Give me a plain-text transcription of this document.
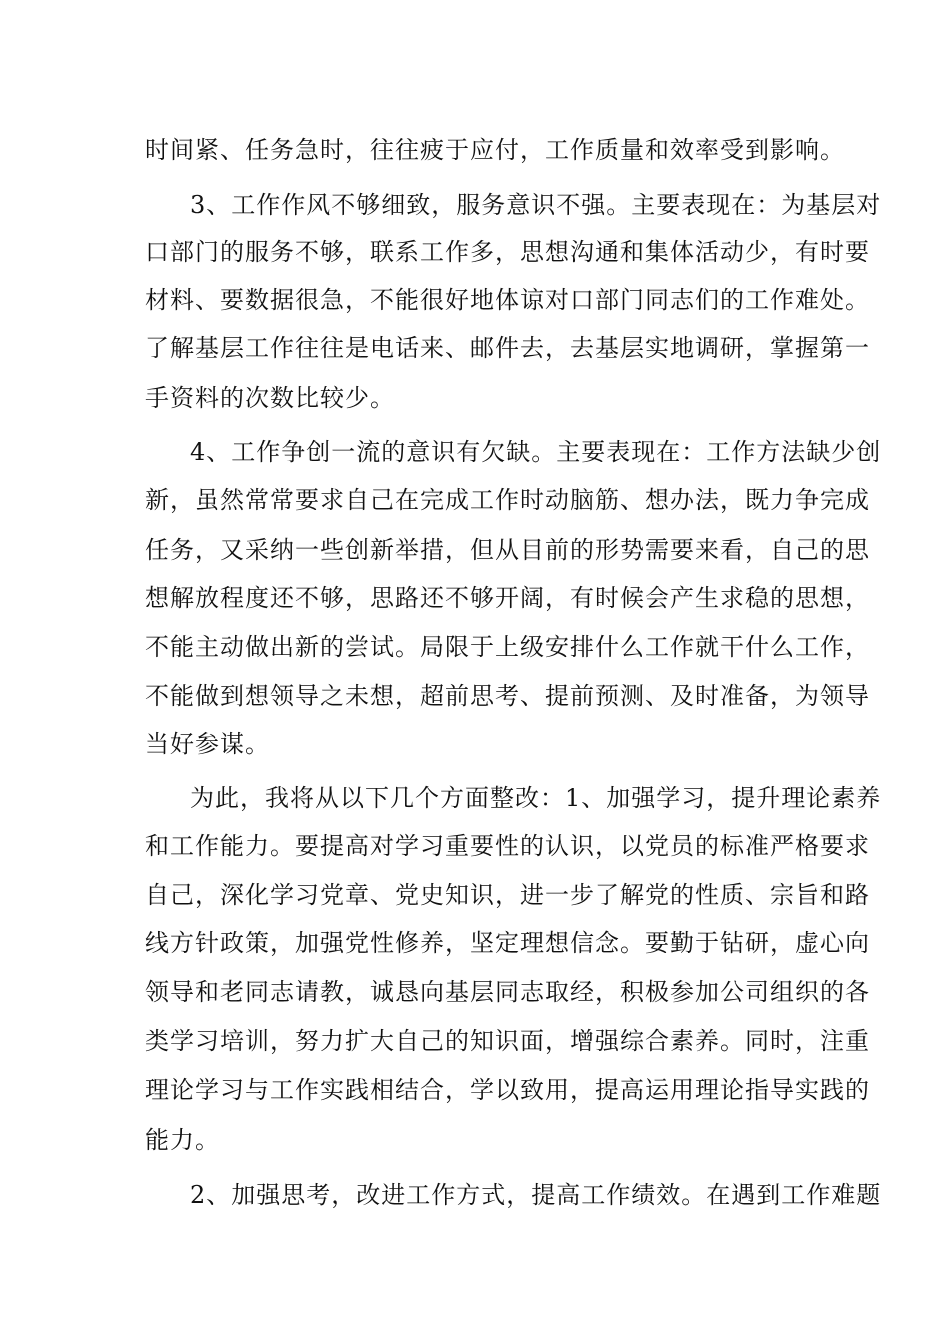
时间紧、任务急时，往往疲于应付，工作质量和效率受到影响。
3、工作作风不够细致，服务意识不强。主要表现在：为基层对
口部门的服务不够，联系工作多，思想沟通和集体活动少，有时要
材料、要数据很急，不能很好地体谅对口部门同志们的工作难处。
了解基层工作往往是电话来、邮件去，去基层实地调研，掌握第一
手资料的次数比较少。
4、工作争创一流的意识有欠缺。主要表现在：工作方法缺少创
新，虽然常常要求自己在完成工作时动脑筋、想办法，既力争完成
任务，又采纳一些创新举措，但从目前的形势需要来看，自己的思
想解放程度还不够，思路还不够开阔，有时候会产生求稳的思想，
不能主动做出新的尝试。局限于上级安排什么工作就干什么工作，
不能做到想领导之未想，超前思考、提前预测、及时准备，为领导
当好参谋。
为此，我将从以下几个方面整改：1、加强学习，提升理论素养
和工作能力。要提高对学习重要性的认识，以党员的标准严格要求
自己，深化学习党章、党史知识，进一步了解党的性质、宗旨和路
线方针政策，加强党性修养，坚定理想信念。要勤于钻研，虚心向
领导和老同志请教，诚恳向基层同志取经，积极参加公司组织的各
类学习培训，努力扩大自己的知识面，增强综合素养。同时，注重
理论学习与工作实践相结合，学以致用，提高运用理论指导实践的
能力。
2、加强思考，改进工作方式，提高工作绩效。在遇到工作难题
